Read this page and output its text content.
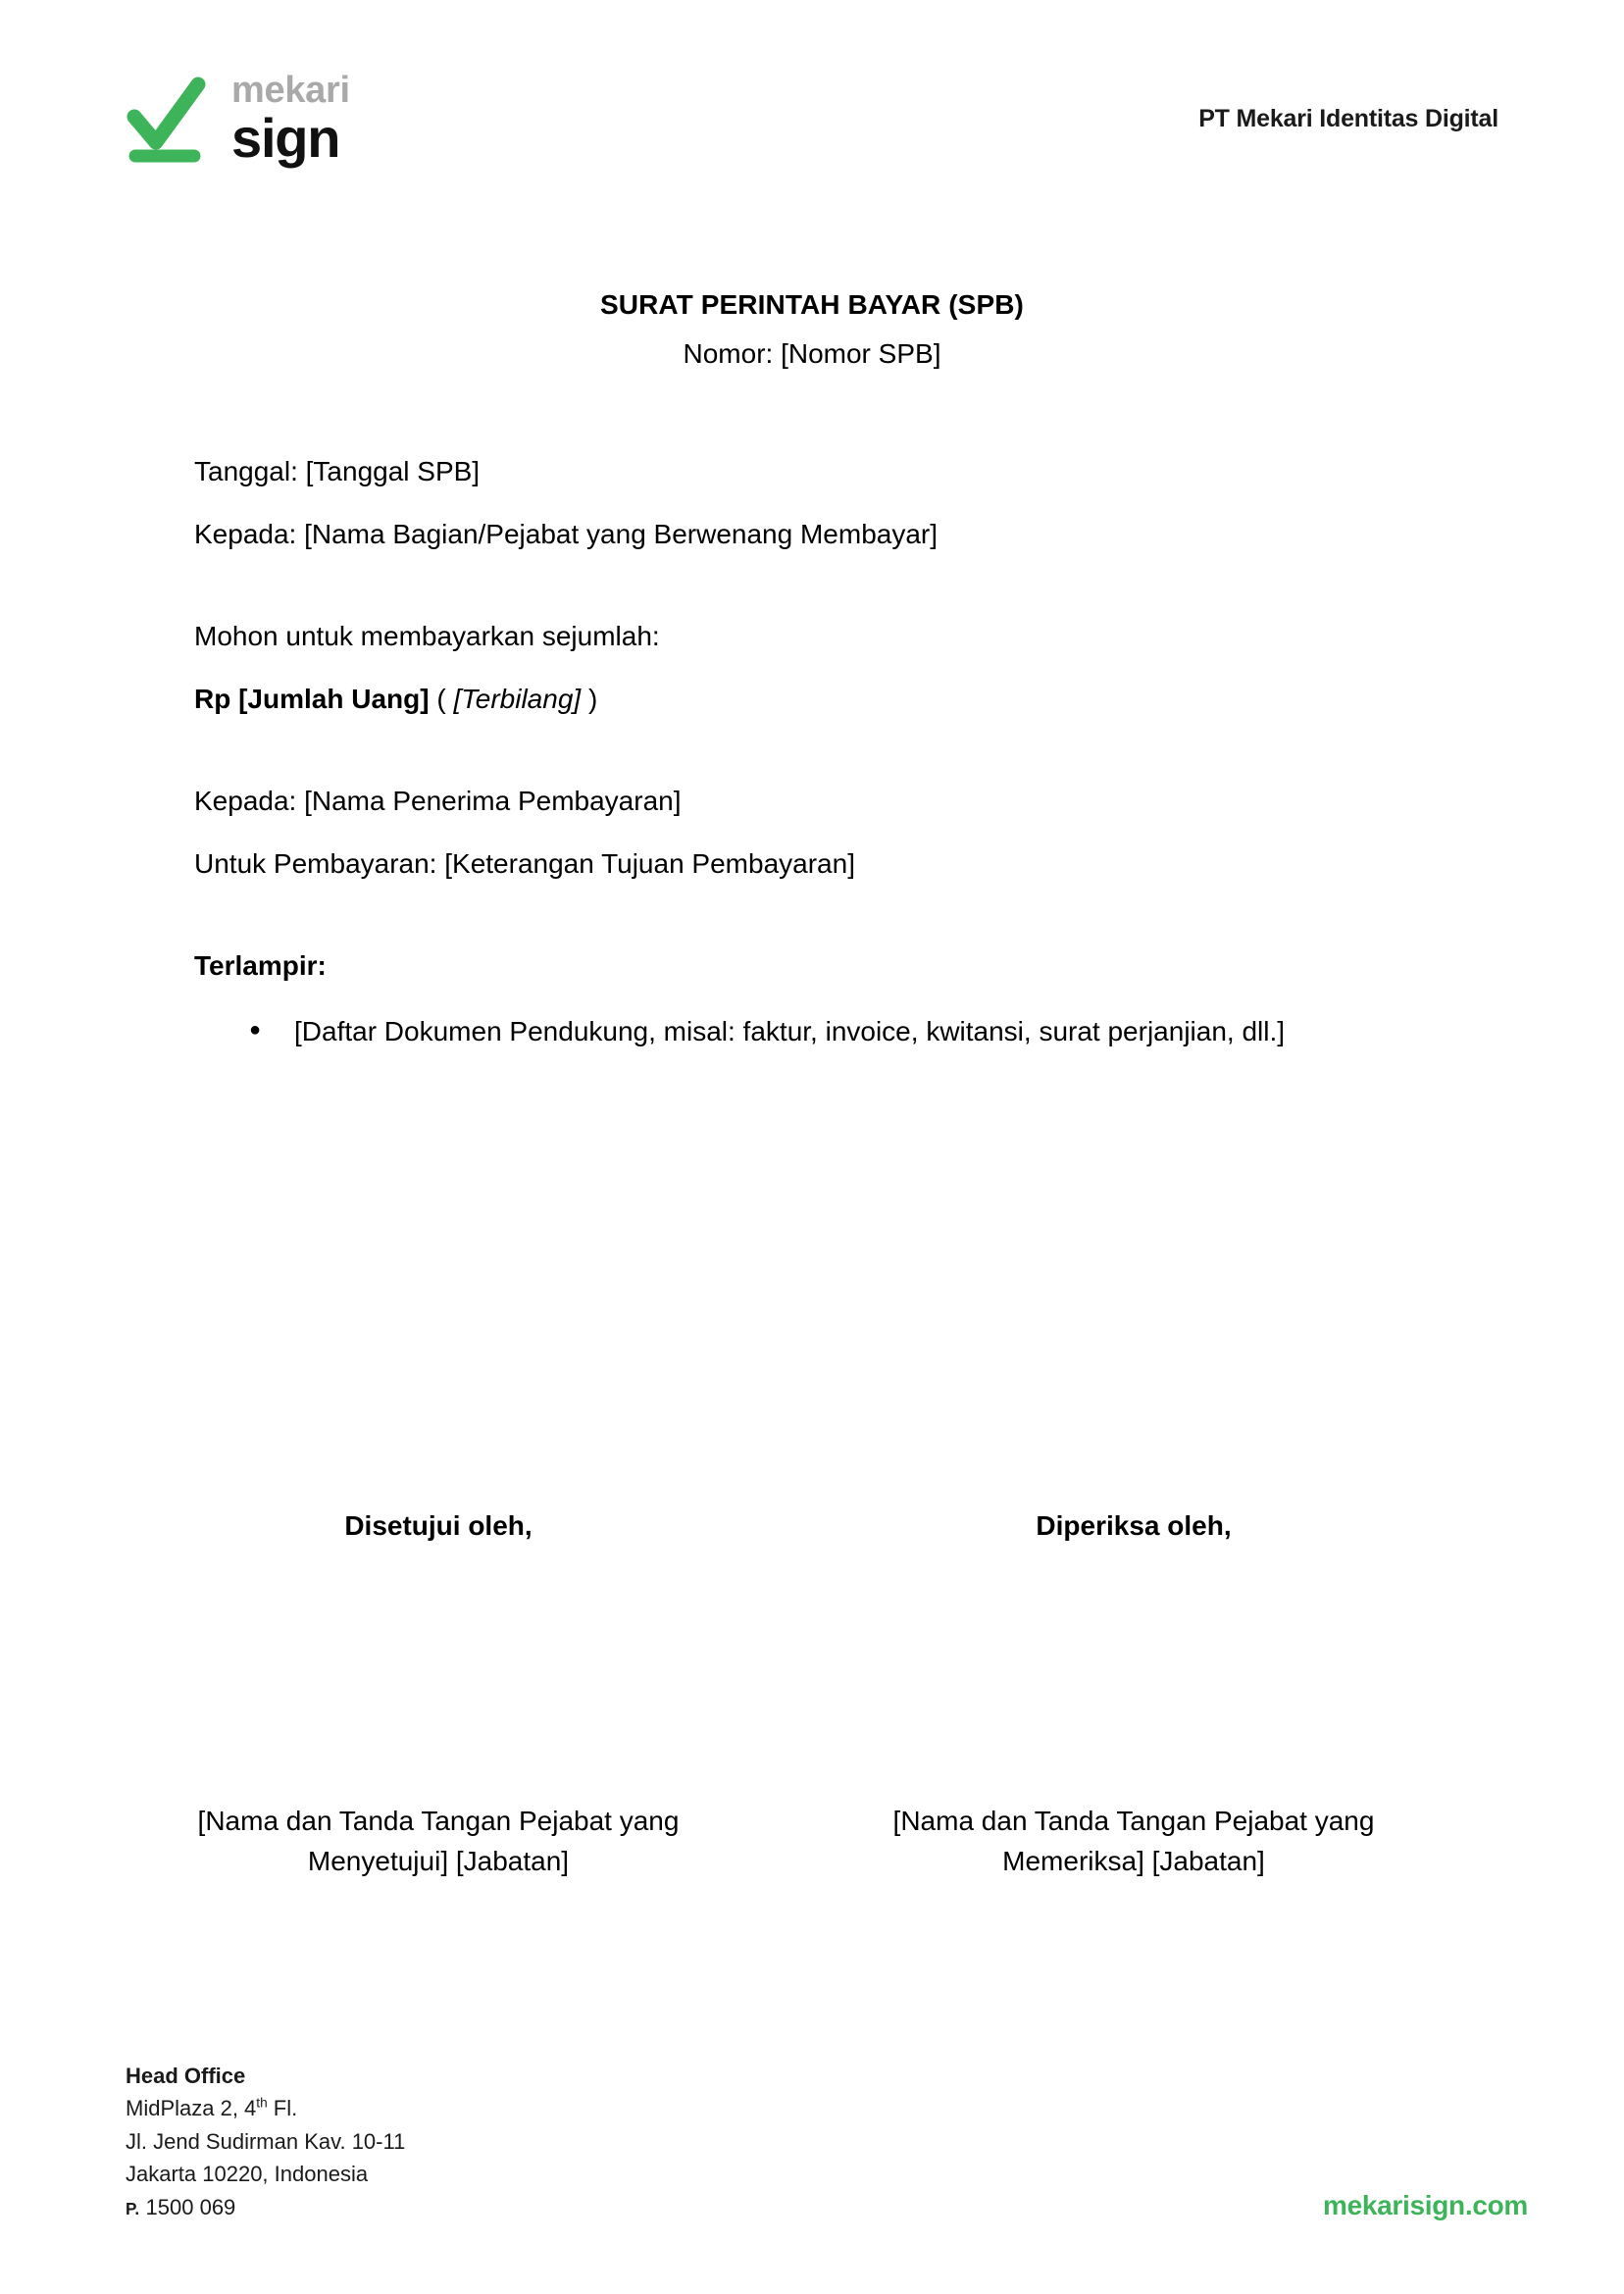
mekari
sign	PT Mekari Identitas Digital
SURAT PERINTAH BAYAR (SPB)

Nomor: [Nomor SPB]

Tanggal: [Tanggal SPB]

Kepada: [Nama Bagian/Pejabat yang Berwenang Membayar]

Mohon untuk membayarkan sejumlah:

Rp [Jumlah Uang] ( [Terbilang] )

Kepada: [Nama Penerima Pembayaran]

Untuk Pembayaran: [Keterangan Tujuan Pembayaran]

Terlampir:

● [Daftar Dokumen Pendukung, misal: faktur, invoice, kwitansi, surat perjanjian, dll.]

Disetujui oleh,

[Nama dan Tanda Tangan Pejabat yang Menyetujui] [Jabatan]

Diperiksa oleh,

[Nama dan Tanda Tangan Pejabat yang Memeriksa] [Jabatan]

Head Office
MidPlaza 2, 4th Fl.
Jl. Jend Sudirman Kav. 10-11
Jakarta 10220, Indonesia
P. 1500 069	mekarisign.com
